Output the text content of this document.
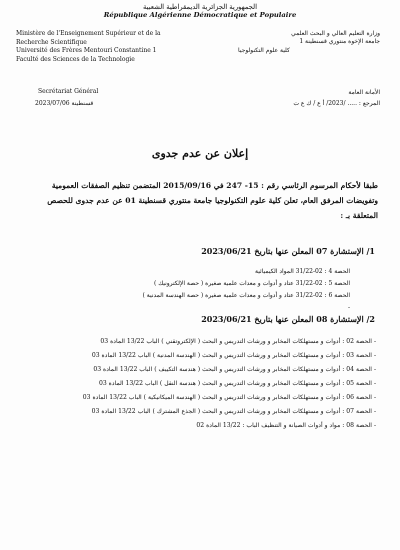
الجمهورية الجزائرية الديمقراطية الشعبية
République Algérienne Démocratique et Populaire
Ministère de l'Enseignement Supérieur et de la Recherche Scientifique
Université des Frères Mentouri Constantine 1
Faculté des Sciences de la Technologie
وزارة التعليم العالي و البحث العلمي
جامعة الإخوة منتوري قسنطينة 1
كلية علوم التكنولوجيا
Secrétariat Général	الأمانة العامة
قسنطينة 2023/07/06	المرجع : ..... /2023/ أ ع / ك ع ت
إعلان عن عدم جدوى
طبقا لأحكام المرسوم الرئاسي رقم : 15- 247 في 2015/09/16 المتضمن تنظيم الصفقات العمومية وتفويضات المرفق العام، تعلن كلية علوم التكنولوجيا جامعة منتوري قسنطينة 01 عن عدم جدوى للحصص المتعلقة بـ :
1/ الإستشارة 07 المعلن عنها بتاريخ 2023/06/21
الحصة 4 : 02-31/22 المواد الكيميائية
الحصة 5 : 02-31/22 عتاد و أدوات و معدات علمية صغيرة ( حصة الإلكترونيك )
الحصة 6 : 02-31/22 عتاد و أدوات و معدات علمية صغيرة ( حصة الهندسة المدنية )
-
2/ الإستشارة 08 المعلن عنها بتاريخ 2023/06/21
- الحصة 02 : أدوات و مستهلكات المخابر و ورشات التدريس و البحث ( الإلكتروتقني ) الباب 13/22 المادة 03
- الحصة 03 : أدوات و مستهلكات المخابر و ورشات التدريس و البحث ( الهندسة المدنية ) الباب 13/22 المادة 03
- الحصة 04 : أدوات و مستهلكات المخابر و ورشات التدريس و البحث ( هندسة التكييف ) الباب 13/22 المادة 03
- الحصة 05 : أدوات و مستهلكات المخابر و ورشات التدريس و البحث ( هندسة النقل ) الباب 13/22 المادة 03
- الحصة 06 : أدوات و مستهلكات المخابر و ورشات التدريس و البحث ( الهندسة الميكانيكية ) الباب 13/22 المادة 03
- الحصة 07 : أدوات و مستهلكات المخابر و ورشات التدريس و البحث ( الجذع المشترك ) الباب 13/22 المادة 03
- الحصة 08 : مواد و أدوات الصيانة و التنظيف الباب : 13/22 المادة 02
